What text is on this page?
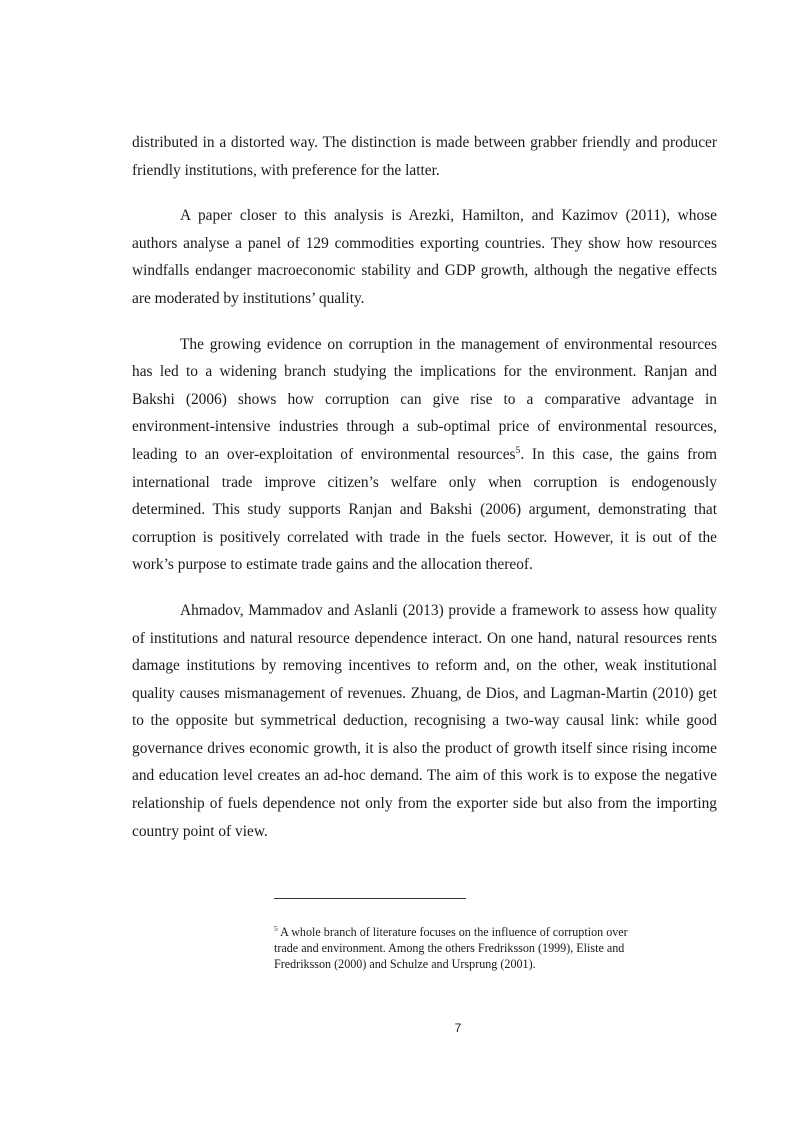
distributed in a distorted way. The distinction is made between grabber friendly and producer friendly institutions, with preference for the latter.

A paper closer to this analysis is Arezki, Hamilton, and Kazimov (2011), whose authors analyse a panel of 129 commodities exporting countries. They show how resources windfalls endanger macroeconomic stability and GDP growth, although the negative effects are moderated by institutions’ quality.

The growing evidence on corruption in the management of environmental resources has led to a widening branch studying the implications for the environment. Ranjan and Bakshi (2006) shows how corruption can give rise to a comparative advantage in environment-intensive industries through a sub-optimal price of environmental resources, leading to an over-exploitation of environmental resources$^5$. In this case, the gains from international trade improve citizen’s welfare only when corruption is endogenously determined. This study supports Ranjan and Bakshi (2006) argument, demonstrating that corruption is positively correlated with trade in the fuels sector. However, it is out of the work’s purpose to estimate trade gains and the allocation thereof.

Ahmadov, Mammadov and Aslanli (2013) provide a framework to assess how quality of institutions and natural resource dependence interact. On one hand, natural resources rents damage institutions by removing incentives to reform and, on the other, weak institutional quality causes mismanagement of revenues. Zhuang, de Dios, and Lagman-Martin (2010) get to the opposite but symmetrical deduction, recognising a two-way causal link: while good governance drives economic growth, it is also the product of growth itself since rising income and education level creates an ad-hoc demand. The aim of this work is to expose the negative relationship of fuels dependence not only from the exporter side but also from the importing country point of view.

$^5$ A whole branch of literature focuses on the influence of corruption over trade and environment. Among the others Fredriksson (1999), Eliste and Fredriksson (2000) and Schulze and Ursprung (2001).
7
